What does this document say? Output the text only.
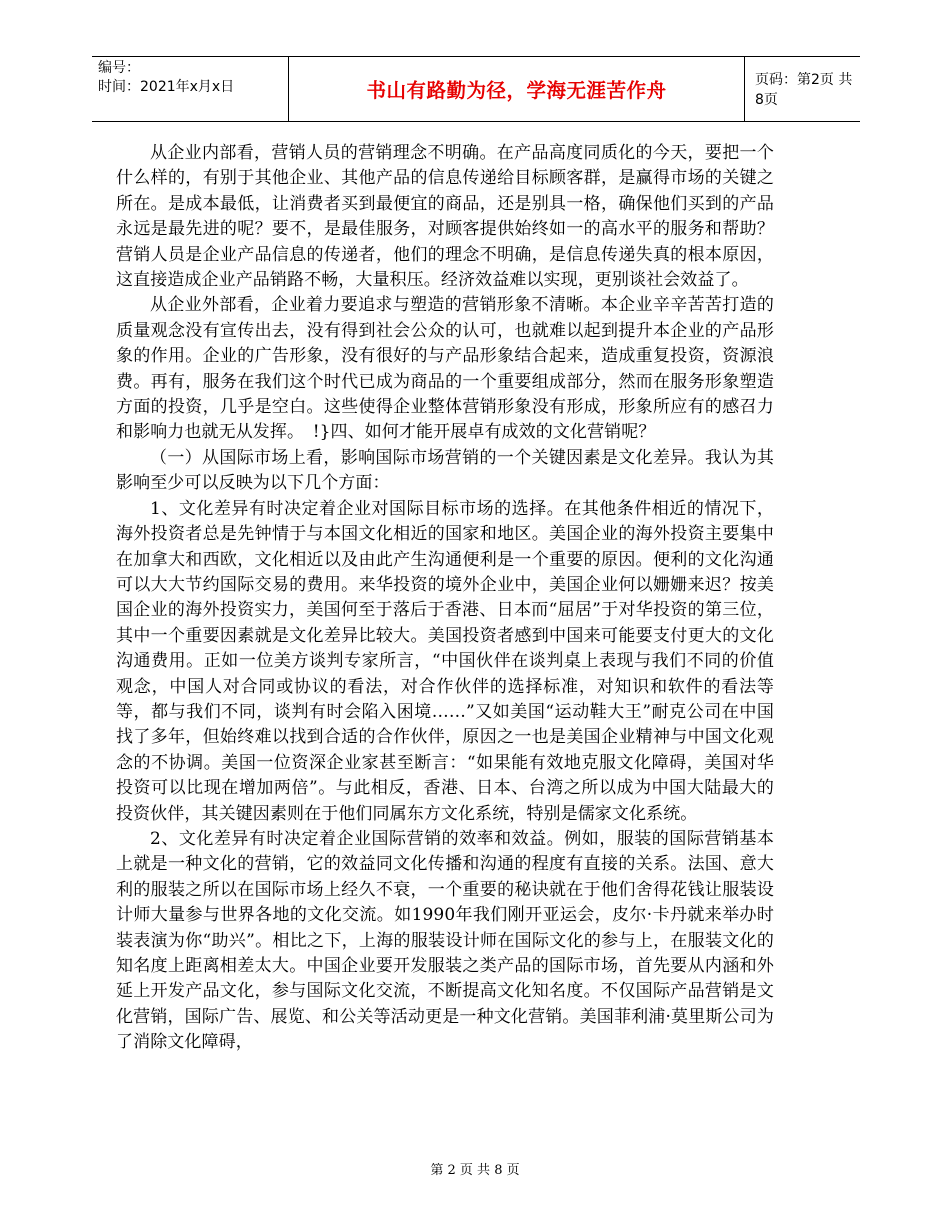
编号：
时间：2021年x月x日	书山有路勤为径，学海无涯苦作舟	页码：第2页 共8页

从企业内部看，营销人员的营销理念不明确。在产品高度同质化的今天，要把一个什么样的，有别于其他企业、其他产品的信息传递给目标顾客群，是赢得市场的关键之所在。是成本最低，让消费者买到最便宜的商品，还是别具一格，确保他们买到的产品永远是最先进的呢？要不，是最佳服务，对顾客提供始终如一的高水平的服务和帮助？营销人员是企业产品信息的传递者，他们的理念不明确，是信息传递失真的根本原因，这直接造成企业产品销路不畅，大量积压。经济效益难以实现，更别谈社会效益了。

从企业外部看，企业着力要追求与塑造的营销形象不清晰。本企业辛辛苦苦打造的质量观念没有宣传出去，没有得到社会公众的认可，也就难以起到提升本企业的产品形象的作用。企业的广告形象，没有很好的与产品形象结合起来，造成重复投资，资源浪费。再有，服务在我们这个时代已成为商品的一个重要组成部分，然而在服务形象塑造方面的投资，几乎是空白。这些使得企业整体营销形象没有形成，形象所应有的感召力和影响力也就无从发挥。　!}四、如何才能开展卓有成效的文化营销呢？

（一）从国际市场上看，影响国际市场营销的一个关键因素是文化差异。我认为其影响至少可以反映为以下几个方面：

1、文化差异有时决定着企业对国际目标市场的选择。在其他条件相近的情况下，海外投资者总是先钟情于与本国文化相近的国家和地区。美国企业的海外投资主要集中在加拿大和西欧，文化相近以及由此产生沟通便利是一个重要的原因。便利的文化沟通可以大大节约国际交易的费用。来华投资的境外企业中，美国企业何以姗姗来迟？按美国企业的海外投资实力，美国何至于落后于香港、日本而“屈居”于对华投资的第三位，其中一个重要因素就是文化差异比较大。美国投资者感到中国来可能要支付更大的文化沟通费用。正如一位美方谈判专家所言，“中国伙伴在谈判桌上表现与我们不同的价值观念，中国人对合同或协议的看法，对合作伙伴的选择标准，对知识和软件的看法等等，都与我们不同，谈判有时会陷入困境……”又如美国“运动鞋大王”耐克公司在中国找了多年，但始终难以找到合适的合作伙伴，原因之一也是美国企业精神与中国文化观念的不协调。美国一位资深企业家甚至断言：“如果能有效地克服文化障碍，美国对华投资可以比现在增加两倍”。与此相反，香港、日本、台湾之所以成为中国大陆最大的投资伙伴，其关键因素则在于他们同属东方文化系统，特别是儒家文化系统。

2、文化差异有时决定着企业国际营销的效率和效益。例如，服装的国际营销基本上就是一种文化的营销，它的效益同文化传播和沟通的程度有直接的关系。法国、意大利的服装之所以在国际市场上经久不衰，一个重要的秘诀就在于他们舍得花钱让服装设计师大量参与世界各地的文化交流。如1990年我们刚开亚运会，皮尔·卡丹就来举办时装表演为你“助兴”。相比之下，上海的服装设计师在国际文化的参与上，在服装文化的知名度上距离相差太大。中国企业要开发服装之类产品的国际市场，首先要从内涵和外延上开发产品文化，参与国际文化交流，不断提高文化知名度。不仅国际产品营销是文化营销，国际广告、展览、和公关等活动更是一种文化营销。美国菲利浦·莫里斯公司为了消除文化障碍，

第 2 页 共 8 页
